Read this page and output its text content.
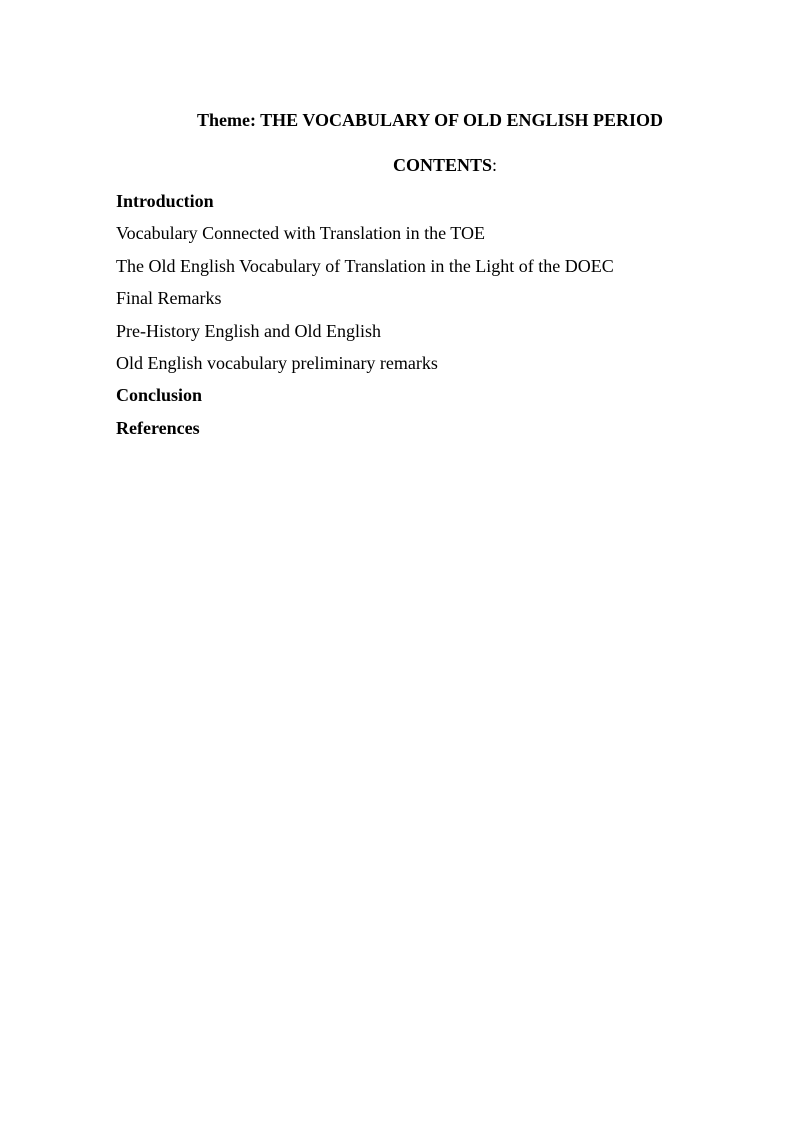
Theme: THE VOCABULARY OF OLD ENGLISH PERIOD
CONTENTS:
Introduction
Vocabulary Connected with Translation in the TOE
The Old English Vocabulary of Translation in the Light of the DOEC
Final Remarks
Pre-History English and Old English
Old English vocabulary preliminary remarks
Conclusion
References
